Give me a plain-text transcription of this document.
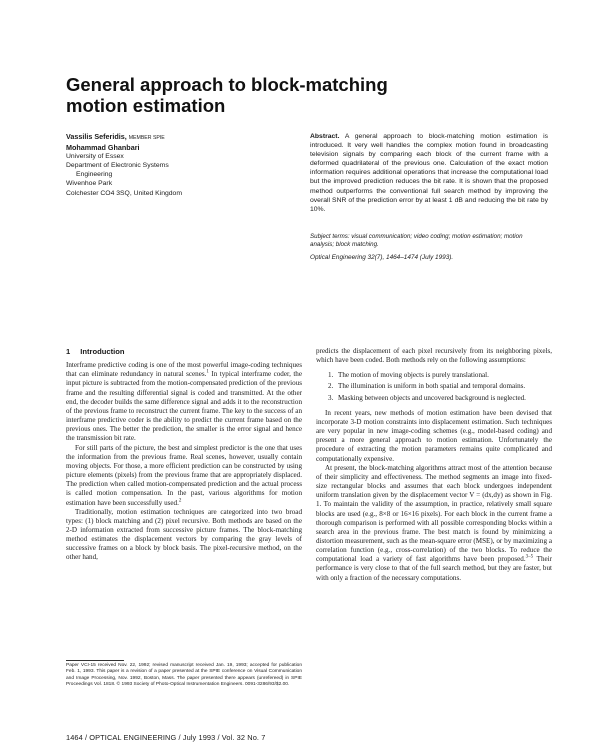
General approach to block-matching
motion estimation
Vassilis Seferidis, MEMBER SPIE
Mohammad Ghanbari
University of Essex
Department of Electronic Systems
Engineering
Wivenhoe Park
Colchester CO4 3SQ, United Kingdom
Abstract. A general approach to block-matching motion estimation is introduced. It very well handles the complex motion found in broadcasting television signals by comparing each block of the current frame with a deformed quadrilateral of the previous one. Calculation of the exact motion information requires additional operations that increase the computational load but the improved prediction reduces the bit rate. It is shown that the proposed method outperforms the conventional full search method by improving the overall SNR of the prediction error by at least 1 dB and reducing the bit rate by 10%.
Subject terms: visual communication; video coding; motion estimation; motion analysis; block matching.
Optical Engineering 32(7), 1464–1474 (July 1993).
1 Introduction

Interframe predictive coding is one of the most powerful image-coding techniques that can eliminate redundancy in natural scenes.$^1$ In typical interframe coder, the input picture is subtracted from the motion-compensated prediction of the previous frame and the resulting differential signal is coded and transmitted. At the other end, the decoder builds the same difference signal and adds it to the reconstruction of the previous frame to reconstruct the current frame. The key to the success of an interframe predictive coder is the ability to predict the current frame based on the previous ones. The better the prediction, the smaller is the error signal and hence the transmission bit rate.

For still parts of the picture, the best and simplest predictor is the one that uses the information from the previous frame. Real scenes, however, usually contain moving objects. For those, a more efficient prediction can be constructed by using picture elements (pixels) from the previous frame that are appropriately displaced. The prediction when called motion-compensated prediction and the actual process is called motion compensation. In the past, various algorithms for motion estimation have been successfully used.$^2$

Traditionally, motion estimation techniques are categorized into two broad types: (1) block matching and (2) pixel recursive. Both methods are based on the 2-D information extracted from successive picture frames. The block-matching method estimates the displacement vectors by comparing the gray levels of successive frames on a block by block basis. The pixel-recursive method, on the other hand,

predicts the displacement of each pixel recursively from its neighboring pixels, which have been coded. Both methods rely on the following assumptions:

1. The motion of moving objects is purely translational.
2. The illumination is uniform in both spatial and temporal domains.
3. Masking between objects and uncovered background is neglected.

In recent years, new methods of motion estimation have been devised that incorporate 3-D motion constraints into displacement estimation. Such techniques are very popular in new image-coding schemes (e.g., model-based coding) and present a more general approach to motion estimation. Unfortunately the procedure of extracting the motion parameters remains quite complicated and computationally expensive.

At present, the block-matching algorithms attract most of the attention because of their simplicity and effectiveness. The method segments an image into fixed-size rectangular blocks and assumes that each block undergoes independent uniform translation given by the displacement vector V = (dx,dy) as shown in Fig. 1. To maintain the validity of the assumption, in practice, relatively small square blocks are used (e.g., 8×8 or 16×16 pixels). For each block in the current frame a thorough comparison is performed with all possible corresponding blocks within a search area in the previous frame. The best match is found by minimizing a distortion measurement, such as the mean-square error (MSE), or by maximizing a correlation function (e.g., cross-correlation) of the two blocks. To reduce the computational load a variety of fast algorithms have been proposed.$^{3-5}$ Their performance is very close to that of the full search method, but they are faster, but with only a fraction of the necessary computations.

Paper VCI-15 received Nov. 22, 1992; revised manuscript received Jan. 19, 1993; accepted for publication Feb. 1, 1993. This paper is a revision of a paper presented at the SPIE conference on Visual Communication and Image Processing, Nov. 1992, Boston, Mass. The paper presented there appears (unrefereed) in SPIE Proceedings Vol. 1818. © 1993 Society of Photo-Optical Instrumentation Engineers. 0091-3286/93/$2.00.
1464 / OPTICAL ENGINEERING / July 1993 / Vol. 32 No. 7
